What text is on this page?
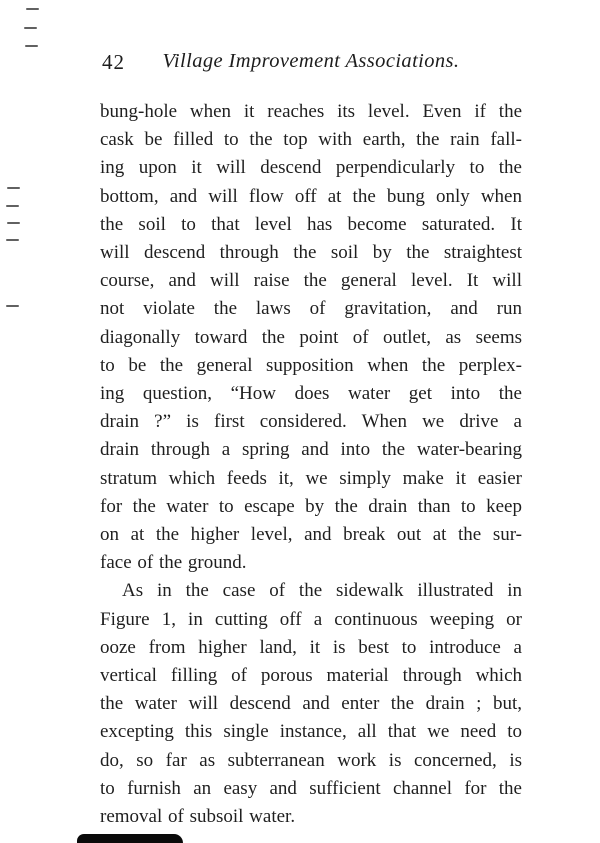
42	Village Improvement Associations.
bung-hole when it reaches its level. Even if the
cask be filled to the top with earth, the rain fall-
ing upon it will descend perpendicularly to the
bottom, and will flow off at the bung only when
the soil to that level has become saturated. It
will descend through the soil by the straightest
course, and will raise the general level. It will
not violate the laws of gravitation, and run
diagonally toward the point of outlet, as seems
to be the general supposition when the perplex-
ing question, “How does water get into the
drain ?” is first considered. When we drive a
drain through a spring and into the water-bearing
stratum which feeds it, we simply make it easier
for the water to escape by the drain than to keep
on at the higher level, and break out at the sur-
face of the ground.
As in the case of the sidewalk illustrated in
Figure 1, in cutting off a continuous weeping or
ooze from higher land, it is best to introduce a
vertical filling of porous material through which
the water will descend and enter the drain ; but,
excepting this single instance, all that we need to
do, so far as subterranean work is concerned, is
to furnish an easy and sufficient channel for the
removal of subsoil water.
